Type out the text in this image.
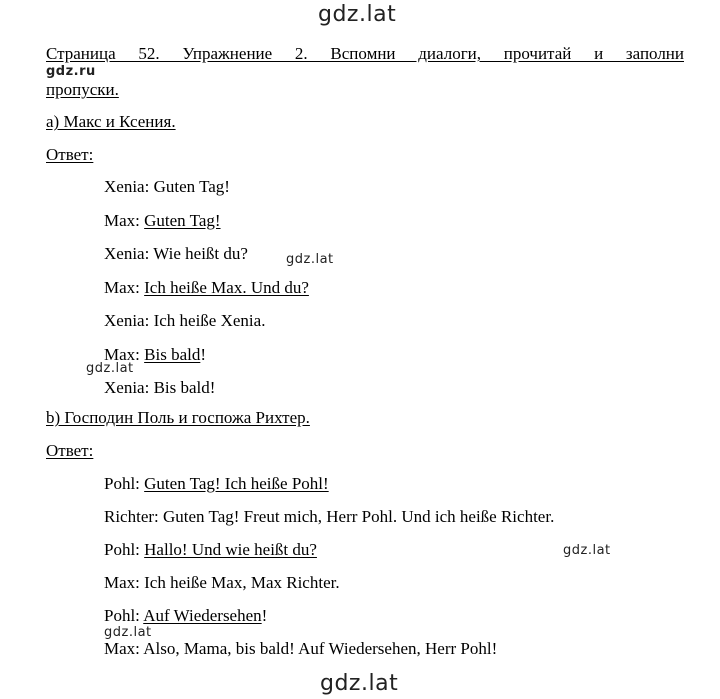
gdz.lat
gdz.ru
gdz.lat
gdz.lat
gdz.lat
gdz.lat
gdz.lat
Страница 52. Упражнение 2. Вспомни диалоги, прочитай и заполни
пропуски.
а) Макс и Ксения.
Ответ:
Xenia: Guten Tag!
Max: Guten Tag!
Xenia: Wie heißt du?
Max: Ich heiße Max. Und du?
Xenia: Ich heiße Xenia.
Max: Bis bald!
Xenia: Bis bald!
b) Господин Поль и госпожа Рихтер.
Ответ:
Pohl: Guten Tag! Ich heiße Pohl!
Richter: Guten Tag! Freut mich, Herr Pohl. Und ich heiße Richter.
Pohl: Hallo! Und wie heißt du?
Max: Ich heiße Max, Max Richter.
Pohl: Auf Wiedersehen!
Max: Also, Mama, bis bald! Auf Wiedersehen, Herr Pohl!
